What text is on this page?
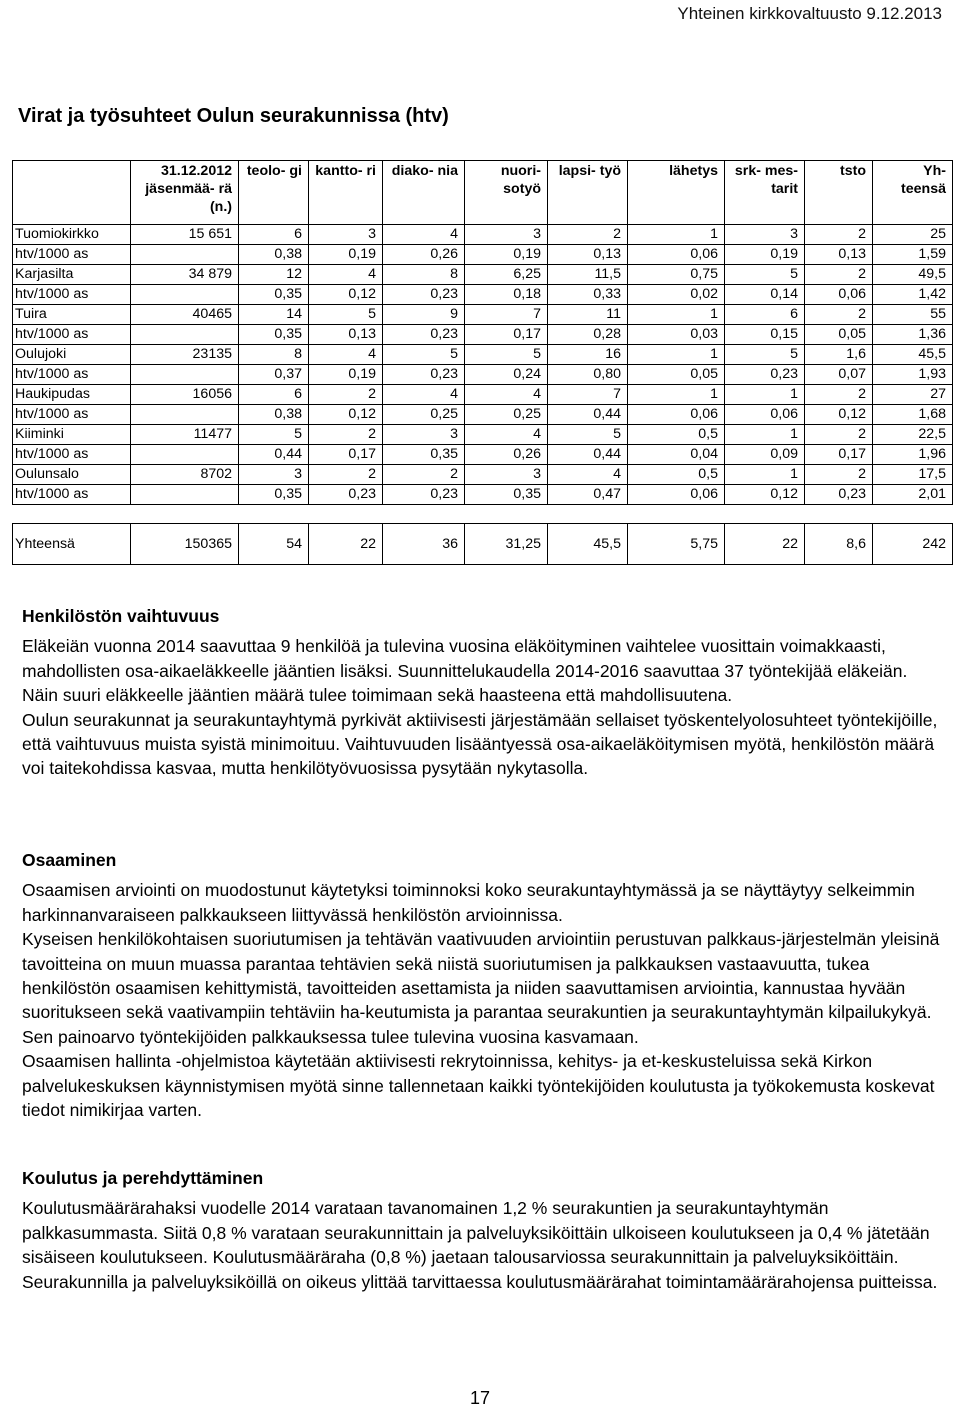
Yhteinen kirkkovaltuusto 9.12.2013
Virat ja työsuhteet Oulun seurakunnissa (htv)
	31.12.2012 jäsenmää- rä (n.)	teolo- gi	kantto- ri	diako- nia	nuori- sotyö	lapsi- työ	lähetys	srk- mes- tarit	tsto	Yh- teensä
Tuomiokirkko	15 651	6	3	4	3	2	1	3	2	25
htv/1000 as		0,38	0,19	0,26	0,19	0,13	0,06	0,19	0,13	1,59
Karjasilta	34 879	12	4	8	6,25	11,5	0,75	5	2	49,5
htv/1000 as		0,35	0,12	0,23	0,18	0,33	0,02	0,14	0,06	1,42
Tuira	40465	14	5	9	7	11	1	6	2	55
htv/1000 as		0,35	0,13	0,23	0,17	0,28	0,03	0,15	0,05	1,36
Oulujoki	23135	8	4	5	5	16	1	5	1,6	45,5
htv/1000 as		0,37	0,19	0,23	0,24	0,80	0,05	0,23	0,07	1,93
Haukipudas	16056	6	2	4	4	7	1	1	2	27
htv/1000 as		0,38	0,12	0,25	0,25	0,44	0,06	0,06	0,12	1,68
Kiiminki	11477	5	2	3	4	5	0,5	1	2	22,5
htv/1000 as		0,44	0,17	0,35	0,26	0,44	0,04	0,09	0,17	1,96
Oulunsalo	8702	3	2	2	3	4	0,5	1	2	17,5
htv/1000 as		0,35	0,23	0,23	0,35	0,47	0,06	0,12	0,23	2,01

Yhteensä	150365	54	22	36	31,25	45,5	5,75	22	8,6	242
Henkilöstön vaihtuvuus

Eläkeiän vuonna 2014 saavuttaa 9 henkilöä ja tulevina vuosina eläköityminen vaihtelee vuosittain voimakkaasti, mahdollisten osa-aikaeläkkeelle jääntien lisäksi. Suunnittelukaudella 2014-2016 saavuttaa 37 työntekijää eläkeiän. Näin suuri eläkkeelle jääntien määrä tulee toimimaan sekä haasteena että mahdollisuutena.

Oulun seurakunnat ja seurakuntayhtymä pyrkivät aktiivisesti järjestämään sellaiset työskentelyolosuhteet työntekijöille, että vaihtuvuus muista syistä minimoituu. Vaihtuvuuden lisääntyessä osa-aikaeläköitymisen myötä, henkilöstön määrä voi taitekohdissa kasvaa, mutta henkilötyövuosissa pysytään nykytasolla.

Osaaminen

Osaamisen arviointi on muodostunut käytetyksi toiminnoksi koko seurakuntayhtymässä ja se näyttäytyy selkeimmin harkinnanvaraiseen palkkaukseen liittyvässä henkilöstön arvioinnissa.

Kyseisen henkilökohtaisen suoriutumisen ja tehtävän vaativuuden arviointiin perustuvan palkkaus-järjestelmän yleisinä tavoitteina on muun muassa parantaa tehtävien sekä niistä suoriutumisen ja palkkauksen vastaavuutta, tukea henkilöstön osaamisen kehittymistä, tavoitteiden asettamista ja niiden saavuttamisen arviointia, kannustaa hyvään suoritukseen sekä vaativampiin tehtäviin ha-keutumista ja parantaa seurakuntien ja seurakuntayhtymän kilpailukykyä. Sen painoarvo työntekijöiden palkkauksessa tulee tulevina vuosina kasvamaan.

Osaamisen hallinta -ohjelmistoa käytetään aktiivisesti rekrytoinnissa, kehitys- ja et-keskusteluissa sekä Kirkon palvelukeskuksen käynnistymisen myötä sinne tallennetaan kaikki työntekijöiden koulutusta ja työkokemusta koskevat tiedot nimikirjaa varten.

Koulutus ja perehdyttäminen

Koulutusmäärärahaksi vuodelle 2014 varataan tavanomainen 1,2 % seurakuntien ja seurakuntayhtymän palkkasummasta. Siitä 0,8 % varataan seurakunnittain ja palveluyksiköittäin ulkoiseen koulutukseen ja 0,4 % jätetään sisäiseen koulutukseen. Koulutusmääräraha (0,8 %) jaetaan talousarviossa seurakunnittain ja palveluyksiköittäin. Seurakunnilla ja palveluyksiköillä on oikeus ylittää tarvittaessa koulutusmäärärahat toimintamäärärahojensa puitteissa.

17
